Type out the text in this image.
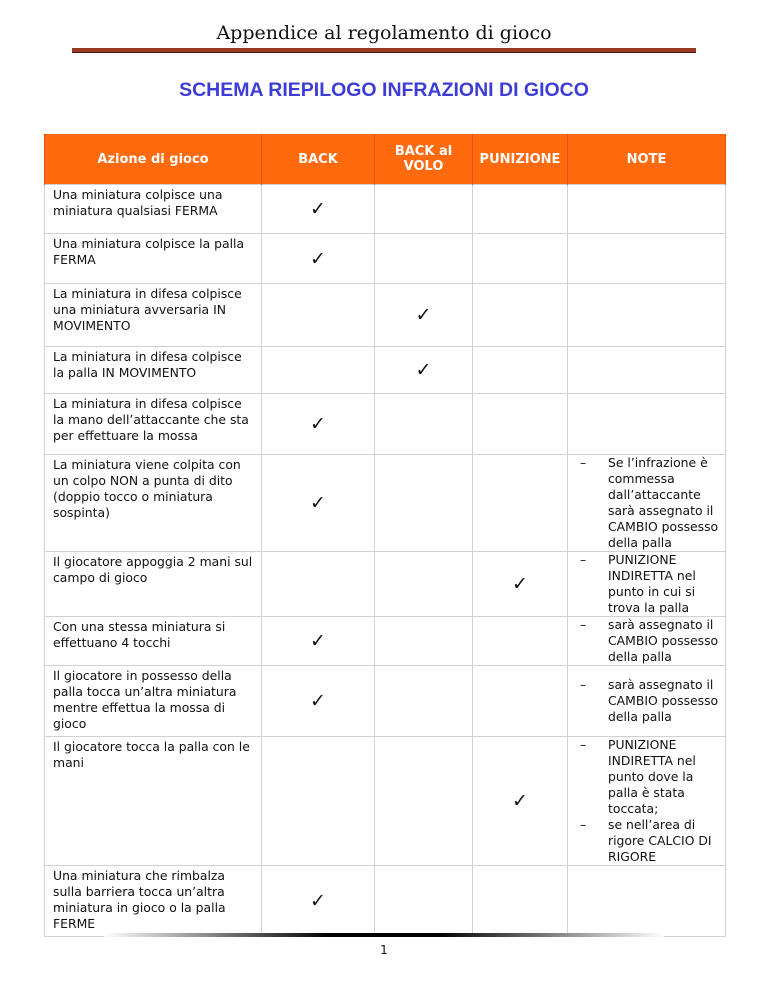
Appendice al regolamento di gioco
SCHEMA RIEPILOGO INFRAZIONI DI GIOCO
Azione di gioco	BACK	BACK al VOLO	PUNIZIONE	NOTE
Una miniatura colpisce una miniatura qualsiasi FERMA	✓			
Una miniatura colpisce la palla FERMA	✓			
La miniatura in difesa colpisce una miniatura avversaria IN MOVIMENTO		✓		
La miniatura in difesa colpisce la palla IN MOVIMENTO		✓		
La miniatura in difesa colpisce la mano dell’attaccante che sta per effettuare la mossa	✓			
La miniatura viene colpita con un colpo NON a punta di dito (doppio tocco o miniatura sospinta)	✓			– Se l’infrazione è commessa dall’attaccante sarà assegnato il CAMBIO possesso della palla

Il giocatore appoggia 2 mani sul campo di gioco			✓	– PUNIZIONE INDIRETTA nel punto in cui si trova la palla

Con una stessa miniatura si effettuano 4 tocchi	✓			– sarà assegnato il CAMBIO possesso della palla

Il giocatore in possesso della palla tocca un’altra miniatura mentre effettua la mossa di gioco	✓			– sarà assegnato il CAMBIO possesso della palla

Il giocatore tocca la palla con le mani			✓	– PUNIZIONE INDIRETTA nel punto dove la palla è stata toccata;
– se nell’area di rigore CALCIO DI RIGORE

Una miniatura che rimbalza sulla barriera tocca un’altra miniatura in gioco o la palla FERME	✓			
1
